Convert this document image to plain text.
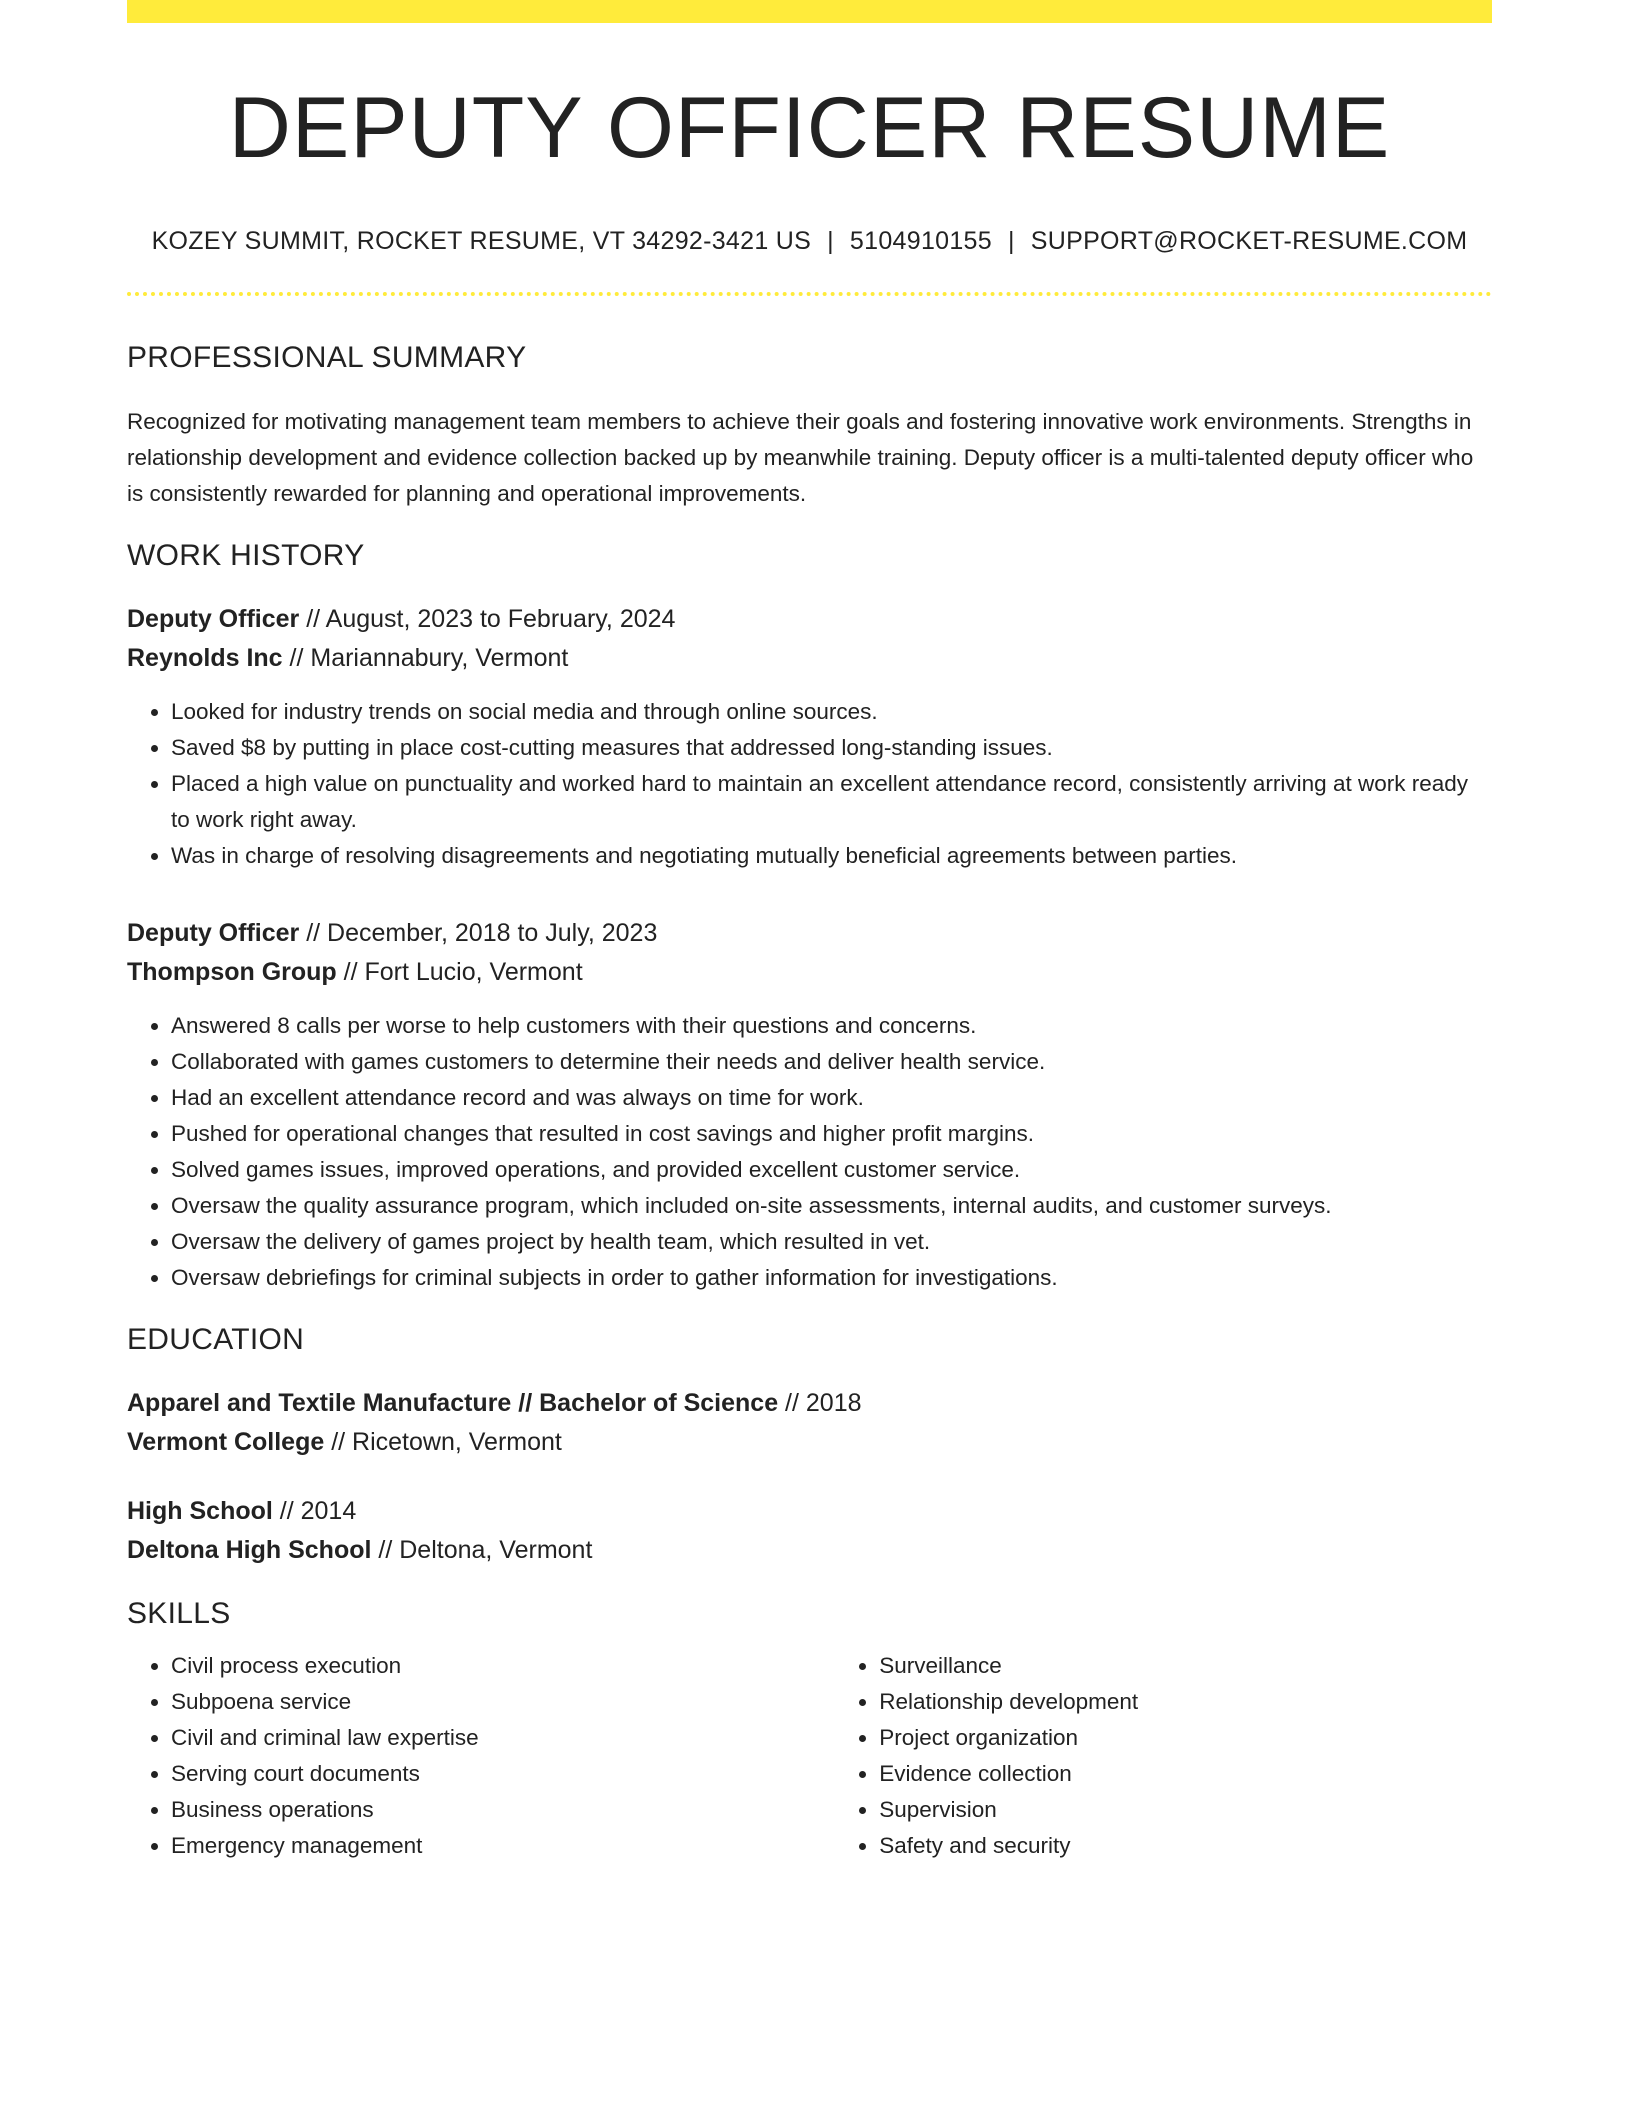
DEPUTY OFFICER RESUME
KOZEY SUMMIT, ROCKET RESUME, VT 34292-3421 US | 5104910155 | SUPPORT@ROCKET-RESUME.COM
PROFESSIONAL SUMMARY
Recognized for motivating management team members to achieve their goals and fostering innovative work environments. Strengths in relationship development and evidence collection backed up by meanwhile training. Deputy officer is a multi-talented deputy officer who is consistently rewarded for planning and operational improvements.
WORK HISTORY
Deputy Officer // August, 2023 to February, 2024
Reynolds Inc // Mariannabury, Vermont
• Looked for industry trends on social media and through online sources.
• Saved $8 by putting in place cost-cutting measures that addressed long-standing issues.
• Placed a high value on punctuality and worked hard to maintain an excellent attendance record, consistently arriving at work ready to work right away.
• Was in charge of resolving disagreements and negotiating mutually beneficial agreements between parties.
Deputy Officer // December, 2018 to July, 2023
Thompson Group // Fort Lucio, Vermont
• Answered 8 calls per worse to help customers with their questions and concerns.
• Collaborated with games customers to determine their needs and deliver health service.
• Had an excellent attendance record and was always on time for work.
• Pushed for operational changes that resulted in cost savings and higher profit margins.
• Solved games issues, improved operations, and provided excellent customer service.
• Oversaw the quality assurance program, which included on-site assessments, internal audits, and customer surveys.
• Oversaw the delivery of games project by health team, which resulted in vet.
• Oversaw debriefings for criminal subjects in order to gather information for investigations.
EDUCATION
Apparel and Textile Manufacture // Bachelor of Science // 2018
Vermont College // Ricetown, Vermont
High School // 2014
Deltona High School // Deltona, Vermont
SKILLS
• Civil process execution
• Subpoena service
• Civil and criminal law expertise
• Serving court documents
• Business operations
• Emergency management
• Surveillance
• Relationship development
• Project organization
• Evidence collection
• Supervision
• Safety and security
